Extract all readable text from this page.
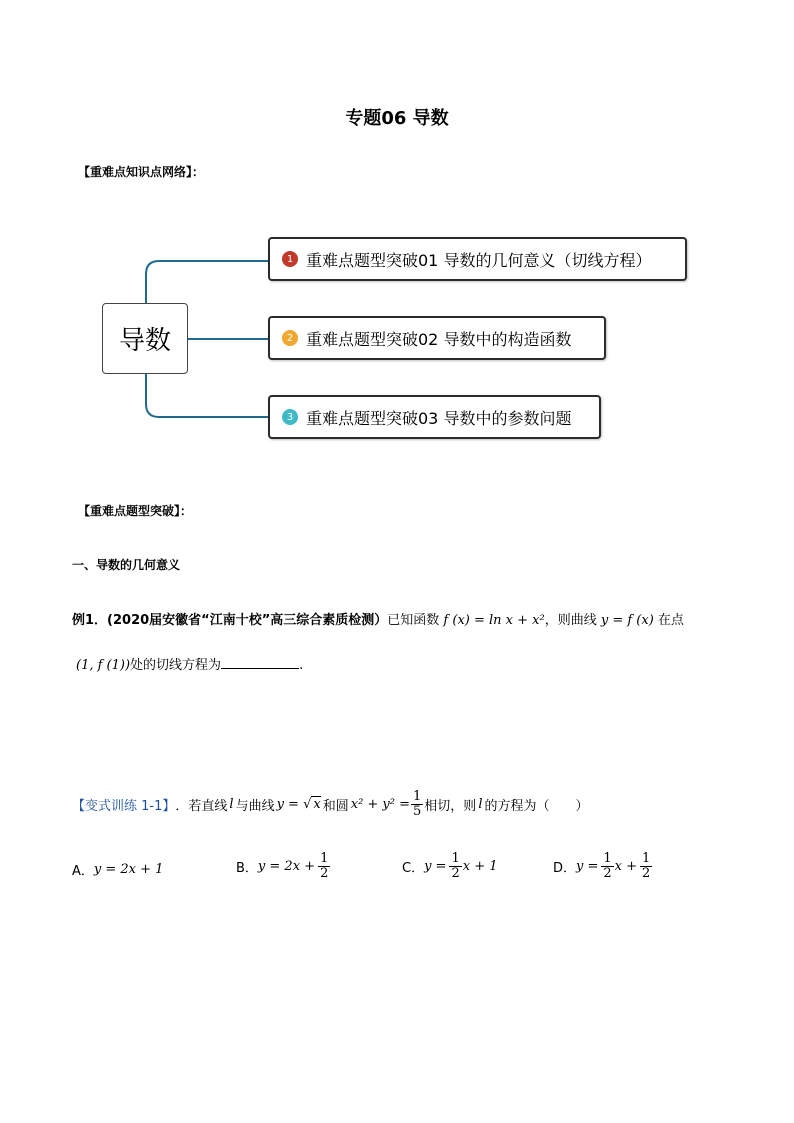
专题06 导数
【重难点知识点网络】：
导数
1 重难点题型突破01 导数的几何意义（切线方程）
2 重难点题型突破02 导数中的构造函数
3 重难点题型突破03 导数中的参数问题
【重难点题型突破】：
一、导数的几何意义
例1．(2020届安徽省“江南十校”高三综合素质检测）已知函数 f (x) = ln x + x²，则曲线 y = f (x) 在点
(1, f (1))处的切线方程为	.
【变式训练 1-1】 ．若直线 l 与曲线 y = √ x 和圆 $x^2 + y^2 = \frac{1}{5}$ 相切，则 l 的方程为（　　）
A． y = 2x + 1	B． $y = 2x + \frac{1}{2}$	C． $y = \frac{1}{2}$ x + 1	D． $y = \frac{1}{2}$ $x + \frac{1}{2}$
